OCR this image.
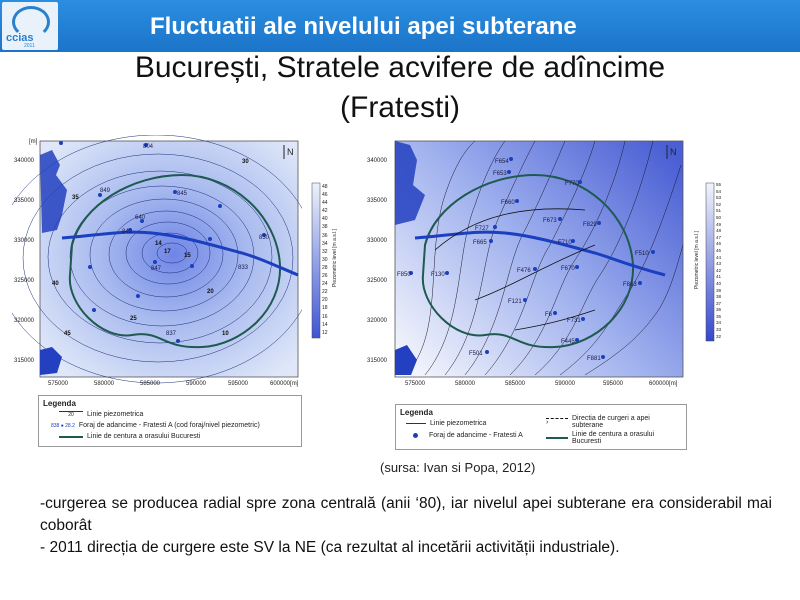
ccias
2011
Fluctuatii ale nivelului apei subterane
București, Stratele acvifere de adîncime
(Fratesti)
[m]
845
849
640
842
847
830
833
837
804
15
20
25
30
35
40
45
17
14
10
N
340000
335000
330000
325000
320000
315000
575000	580000	585000	590000	595000	600000[m]
Piezometric level [m a.s.l.]
48
46
44
42
40
38
36
34
32
30
28
26
24
22
20
18
16
14
12
Legenda
20	Linie piezometrica
838 ● 28.2 Foraj de adancime - Fratesti A (cod foraj/nivel piezometric)
Linie de centura a orasului Bucuresti
F654
F653
F770
F660
F829
F727
F673
F510
F665
F476	F670
F863
F121
F6
F731
F445
F501
F881
F710
F130
F850
N
340000
335000
330000
325000
320000
315000
575000	580000	585000	590000	595000	600000[m]
Piezometric level [m a.s.l.]
55
54
53
52
51
50
49
48
47
46
45
44
43
42
41
40
39
38
37
36
35
34
33
32
Legenda
Linie piezometrica
Foraj de adancime - Fratesti A
›
Directia de curgeri a apei subterane
Linie de centura a orasului Bucuresti
(sursa: Ivan si Popa, 2012)

-curgerea se producea radial spre zona centrală (anii ‘80), iar nivelul apei subterane era considerabil mai coborât

- 2011 direcția de curgere este SV la NE (ca rezultat al incetării activității industriale).
